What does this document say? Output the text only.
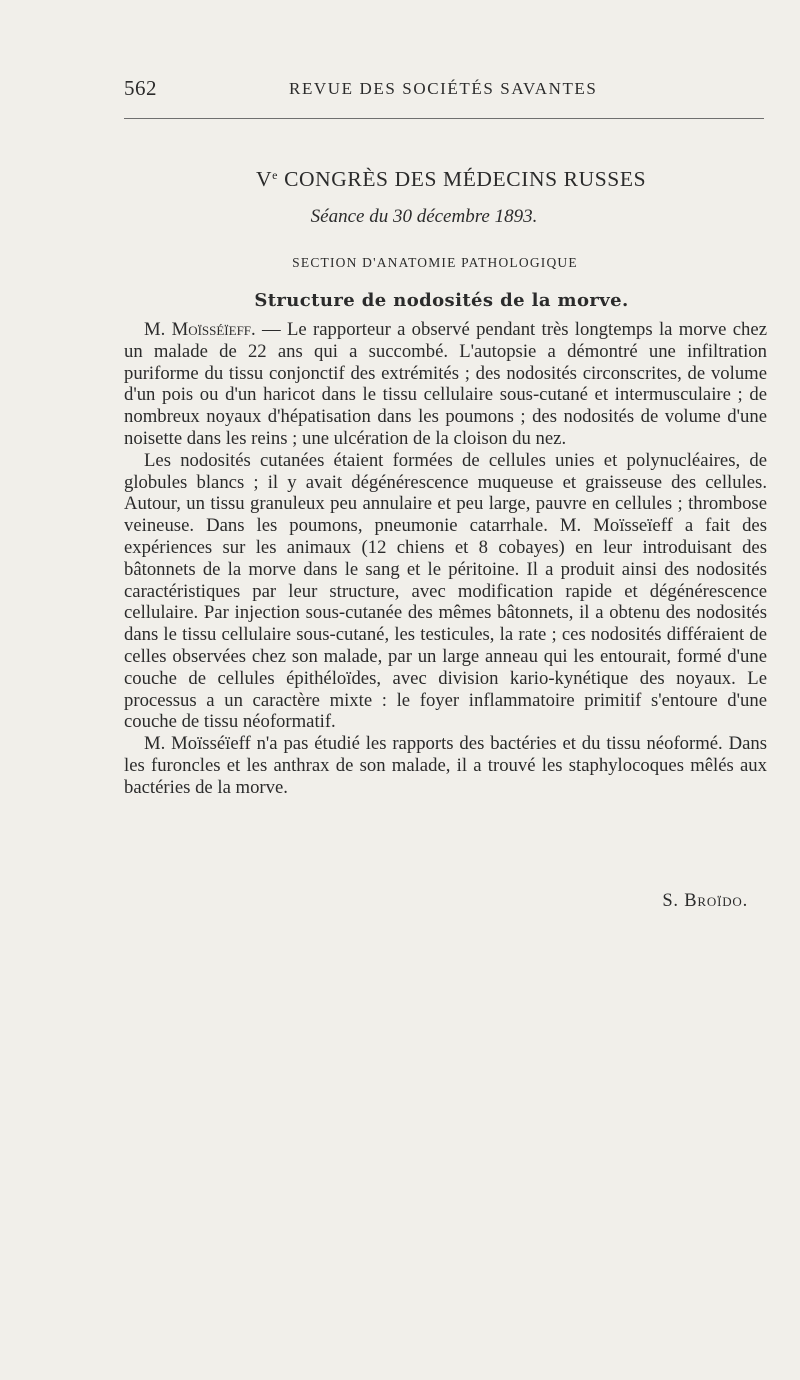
562	REVUE DES SOCIÉTÉS SAVANTES
Ve CONGRÈS DES MÉDECINS RUSSES
Séance du 30 décembre 1893.
SECTION D'ANATOMIE PATHOLOGIQUE
Structure de nodosités de la morve.

M. Moïsséïeff. — Le rapporteur a observé pendant très longtemps la morve chez un malade de 22 ans qui a succombé. L'autopsie a démontré une infiltration puriforme du tissu conjonctif des extrémités ; des nodosités circonscrites, de volume d'un pois ou d'un haricot dans le tissu cellulaire sous-cutané et intermusculaire ; de nombreux noyaux d'hépatisation dans les poumons ; des nodosités de volume d'une noisette dans les reins ; une ulcération de la cloison du nez.

Les nodosités cutanées étaient formées de cellules unies et polynucléaires, de globules blancs ; il y avait dégénérescence muqueuse et graisseuse des cellules. Autour, un tissu granuleux peu annulaire et peu large, pauvre en cellules ; thrombose veineuse. Dans les poumons, pneumonie catarrhale. M. Moïsseïeff a fait des expériences sur les animaux (12 chiens et 8 cobayes) en leur introduisant des bâtonnets de la morve dans le sang et le péritoine. Il a produit ainsi des nodosités caractéristiques par leur structure, avec modification rapide et dégénérescence cellulaire. Par injection sous-cutanée des mêmes bâtonnets, il a obtenu des nodosités dans le tissu cellulaire sous-cutané, les testicules, la rate ; ces nodosités différaient de celles observées chez son malade, par un large anneau qui les entourait, formé d'une couche de cellules épithéloïdes, avec division kario-kynétique des noyaux. Le processus a un caractère mixte : le foyer inflammatoire primitif s'entoure d'une couche de tissu néoformatif.

M. Moïsséïeff n'a pas étudié les rapports des bactéries et du tissu néoformé. Dans les furoncles et les anthrax de son malade, il a trouvé les staphylocoques mêlés aux bactéries de la morve.

S. Broïdo.
